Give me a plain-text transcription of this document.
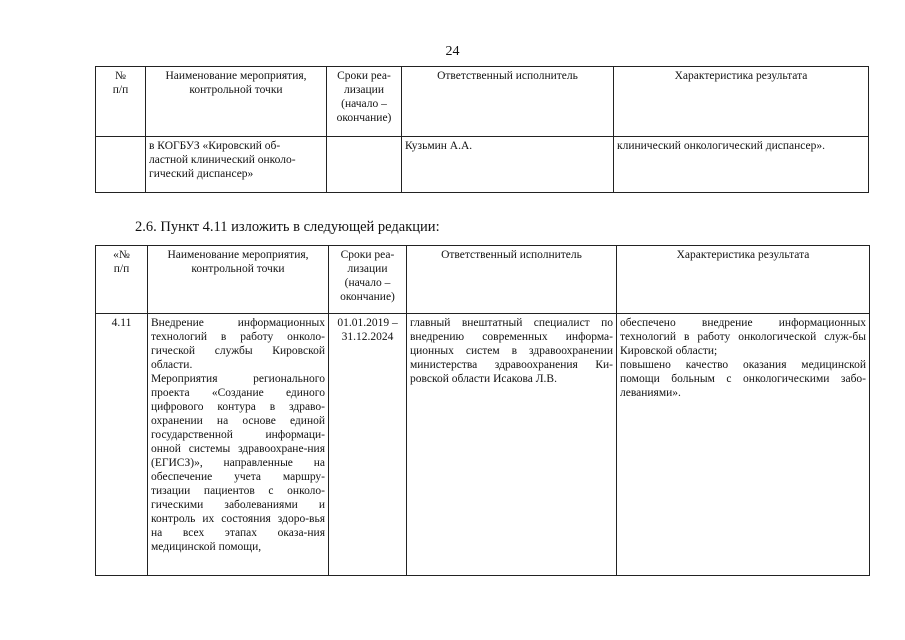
24
№
п/п	Наименование мероприятия,
контрольной точки	Сроки реа-
лизации
(начало –
окончание)	Ответственный исполнитель	Характеристика результата
	в КОГБУЗ «Кировский об-
ластной клинический онколо-
гический диспансер»		Кузьмин А.А.	клинический онкологический диспансер».
2.6. Пункт 4.11 изложить в следующей редакции:
«№
п/п	Наименование мероприятия,
контрольной точки	Сроки реа-
лизации
(начало –
окончание)	Ответственный исполнитель	Характеристика результата
4.11	Внедрение информационных технологий в работу онколо-гической службы Кировской области.
Мероприятия регионального проекта «Создание единого цифрового контура в здраво-охранении на основе единой государственной информаци-онной системы здравоохране-ния (ЕГИСЗ)», направленные на обеспечение учета маршру-тизации пациентов с онколо-гическими заболеваниями и контроль их состояния здоро-вья на всех этапах оказа-ния медицинской помощи,	01.01.2019 –
31.12.2024	главный внештатный специалист по внедрению современных информа-ционных систем в здравоохранении министерства здравоохранения Ки-ровской области Исакова Л.В.	обеспечено внедрение информационных технологий в работу онкологической служ-бы Кировской области;
повышено качество оказания медицинской помощи больным с онкологическими забо-леваниями».
